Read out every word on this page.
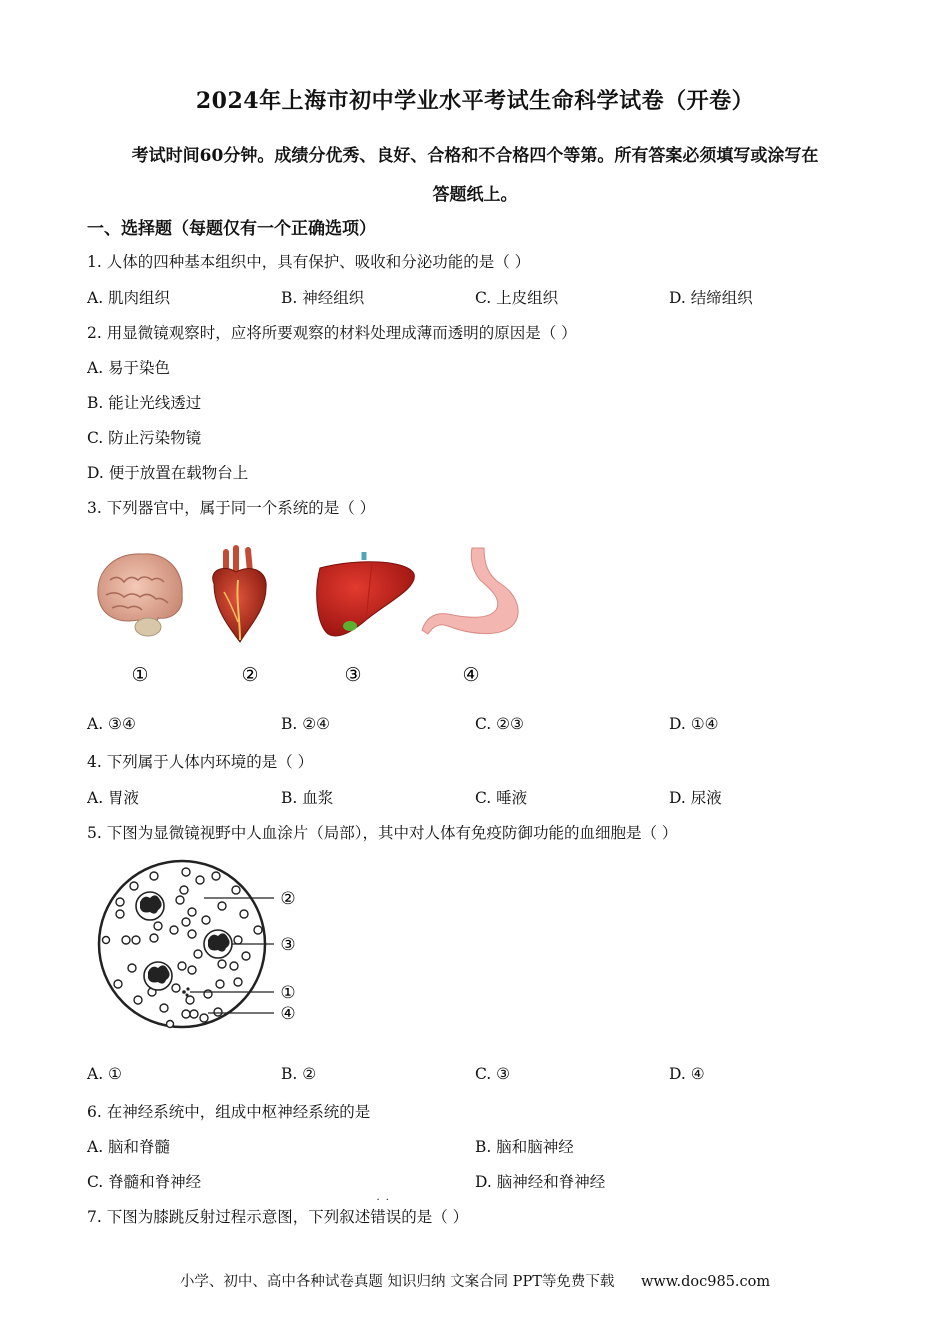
2024年上海市初中学业水平考试生命科学试卷（开卷）
考试时间60分钟。成绩分优秀、良好、合格和不合格四个等第。所有答案必须填写或涂写在
答题纸上。
一、选择题（每题仅有一个正确选项）
1. 人体的四种基本组织中，具有保护、吸收和分泌功能的是（ ）
A. 肌肉组织	B. 神经组织	C. 上皮组织	D. 结缔组织
2. 用显微镜观察时，应将所要观察的材料处理成薄而透明的原因是（ ）
A. 易于染色
B. 能让光线透过
C. 防止污染物镜
D. 便于放置在载物台上
3. 下列器官中，属于同一个系统的是（ ）
①	②	③	④
A. ③④	B. ②④	C. ②③	D. ①④
4. 下列属于人体内环境的是（ ）
A. 胃液	B. 血浆	C. 唾液	D. 尿液
5. 下图为显微镜视野中人血涂片（局部），其中对人体有免疫防御功能的血细胞是（ ）
②
③
①
④
A. ①	B. ②	C. ③	D. ④
6. 在神经系统中，组成中枢神经系统的是
A. 脑和脊髓	B. 脑和脑神经
C. 脊髓和脊神经	D. 脑神经和脊神经
7. 下图为膝跳反射过程示意图，下列叙述
··
错误的是（ ）
小学、初中、高中各种试卷真题 知识归纳 文案合同 PPT等免费下载 www.doc985.com
